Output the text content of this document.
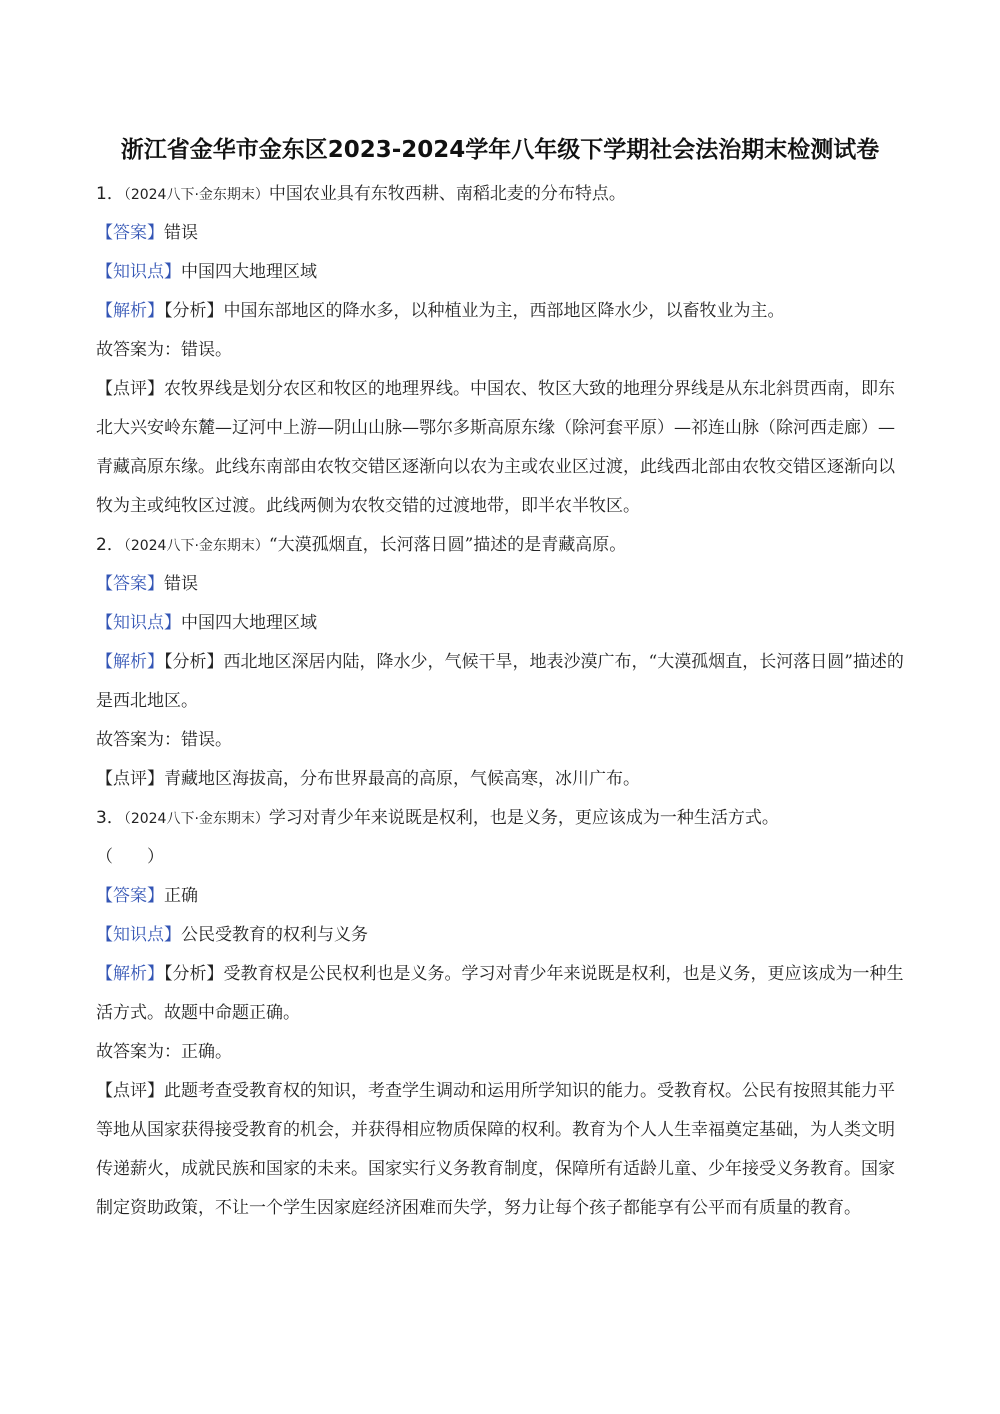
浙江省金华市金东区2023-2024学年八年级下学期社会法治期末检测试卷
1．（2024八下·金东期末）中国农业具有东牧西耕、南稻北麦的分布特点。
【答案】错误
【知识点】中国四大地理区域
【解析】【分析】中国东部地区的降水多，以种植业为主，西部地区降水少，以畜牧业为主。
故答案为：错误。

【点评】农牧界线是划分农区和牧区的地理界线。中国农、牧区大致的地理分界线是从东北斜贯西南，即东北大兴安岭东麓—辽河中上游—阴山山脉—鄂尔多斯高原东缘（除河套平原）—祁连山脉（除河西走廊）—青藏高原东缘。此线东南部由农牧交错区逐渐向以农为主或农业区过渡，此线西北部由农牧交错区逐渐向以牧为主或纯牧区过渡。此线两侧为农牧交错的过渡地带，即半农半牧区。

2．（2024八下·金东期末）“大漠孤烟直，长河落日圆”描述的是青藏高原。
【答案】错误
【知识点】中国四大地理区域

【解析】【分析】西北地区深居内陆，降水少，气候干旱，地表沙漠广布，“大漠孤烟直，长河落日圆”描述的是西北地区。

故答案为：错误。
【点评】青藏地区海拔高，分布世界最高的高原，气候高寒，冰川广布。
3．（2024八下·金东期末）学习对青少年来说既是权利，也是义务，更应该成为一种生活方式。
（　　）
【答案】正确
【知识点】公民受教育的权利与义务

【解析】【分析】受教育权是公民权利也是义务。学习对青少年来说既是权利，也是义务，更应该成为一种生活方式。故题中命题正确。

故答案为：正确。

【点评】此题考查受教育权的知识，考查学生调动和运用所学知识的能力。受教育权。公民有按照其能力平等地从国家获得接受教育的机会，并获得相应物质保障的权利。教育为个人人生幸福奠定基础，为人类文明传递薪火，成就民族和国家的未来。国家实行义务教育制度，保障所有适龄儿童、少年接受义务教育。国家制定资助政策，不让一个学生因家庭经济困难而失学，努力让每个孩子都能享有公平而有质量的教育。
